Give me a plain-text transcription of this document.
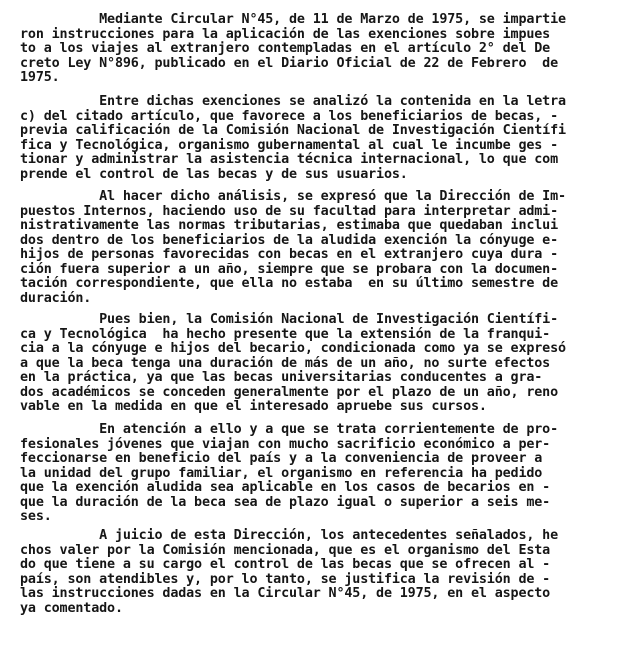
Mediante Circular N°45, de 11 de Marzo de 1975, se impartie

ron instrucciones para la aplicación de las exenciones sobre impues

to a los viajes al extranjero contempladas en el artículo 2° del De

creto Ley N°896, publicado en el Diario Oficial de 22 de Febrero  de

1975.

Entre dichas exenciones se analizó la contenida en la letra

c) del citado artículo, que favorece a los beneficiarios de becas, -

previa calificación de la Comisión Nacional de Investigación Científi

fica y Tecnológica, organismo gubernamental al cual le incumbe ges -

tionar y administrar la asistencia técnica internacional, lo que com

prende el control de las becas y de sus usuarios.

Al hacer dicho análisis, se expresó que la Dirección de Im-

puestos Internos, haciendo uso de su facultad para interpretar admi-

nistrativamente las normas tributarias, estimaba que quedaban inclui

dos dentro de los beneficiarios de la aludida exención la cónyuge e-

hijos de personas favorecidas con becas en el extranjero cuya dura -

ción fuera superior a un año, siempre que se probara con la documen-

tación correspondiente, que ella no estaba  en su último semestre de

duración.

Pues bien, la Comisión Nacional de Investigación Científi-

ca y Tecnológica  ha hecho presente que la extensión de la franqui-

cia a la cónyuge e hijos del becario, condicionada como ya se expresó

a que la beca tenga una duración de más de un año, no surte efectos

en la práctica, ya que las becas universitarias conducentes a gra-

dos académicos se conceden generalmente por el plazo de un año, reno

vable en la medida en que el interesado apruebe sus cursos.

En atención a ello y a que se trata corrientemente de pro-

fesionales jóvenes que viajan con mucho sacrificio económico a per-

feccionarse en beneficio del país y a la conveniencia de proveer a

la unidad del grupo familiar, el organismo en referencia ha pedido

que la exención aludida sea aplicable en los casos de becarios en -

que la duración de la beca sea de plazo igual o superior a seis me-

ses.

A juicio de esta Dirección, los antecedentes señalados, he

chos valer por la Comisión mencionada, que es el organismo del Esta

do que tiene a su cargo el control de las becas que se ofrecen al -

país, son atendibles y, por lo tanto, se justifica la revisión de -

las instrucciones dadas en la Circular N°45, de 1975, en el aspecto

ya comentado.
